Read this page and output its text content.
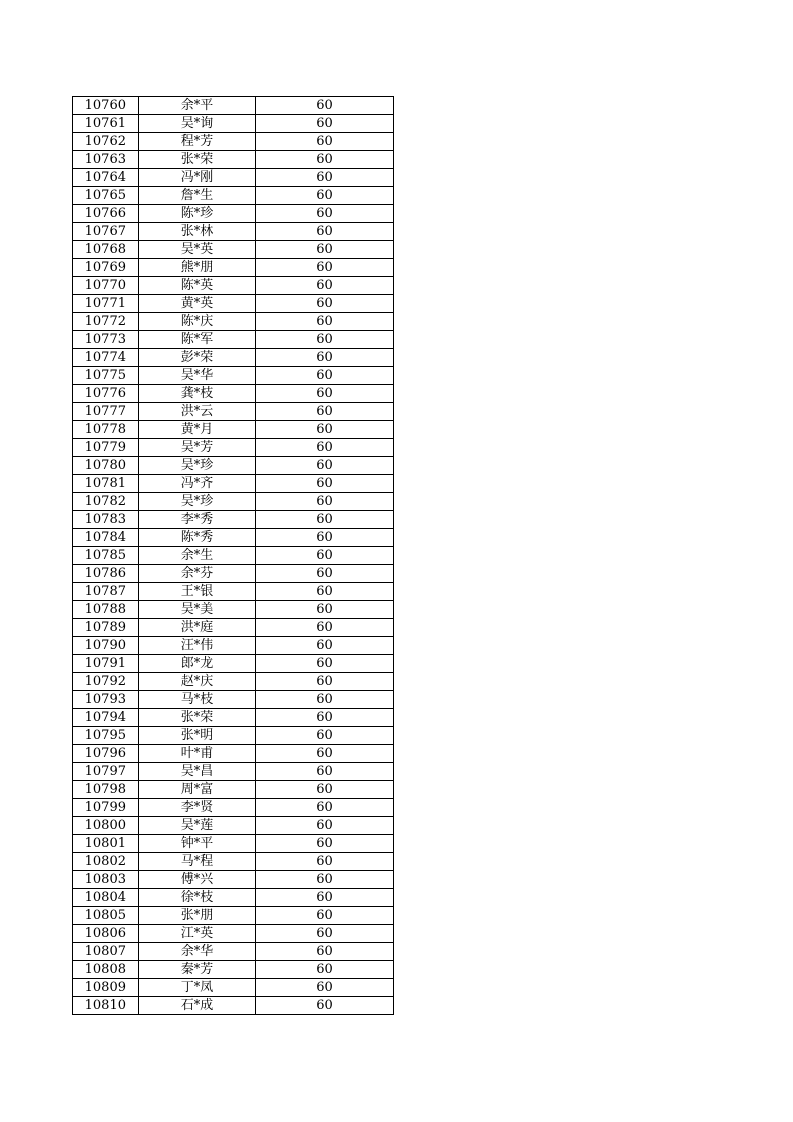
10760	余*平	60
10761	吴*询	60
10762	程*芳	60
10763	张*荣	60
10764	冯*刚	60
10765	詹*生	60
10766	陈*珍	60
10767	张*林	60
10768	吴*英	60
10769	熊*朋	60
10770	陈*英	60
10771	黄*英	60
10772	陈*庆	60
10773	陈*军	60
10774	彭*荣	60
10775	吴*华	60
10776	龚*枝	60
10777	洪*云	60
10778	黄*月	60
10779	吴*芳	60
10780	吴*珍	60
10781	冯*齐	60
10782	吴*珍	60
10783	李*秀	60
10784	陈*秀	60
10785	余*生	60
10786	余*芬	60
10787	王*银	60
10788	吴*美	60
10789	洪*庭	60
10790	汪*伟	60
10791	郎*龙	60
10792	赵*庆	60
10793	马*枝	60
10794	张*荣	60
10795	张*明	60
10796	叶*甫	60
10797	吴*昌	60
10798	周*富	60
10799	李*贤	60
10800	吴*莲	60
10801	钟*平	60
10802	马*程	60
10803	傅*兴	60
10804	徐*枝	60
10805	张*朋	60
10806	江*英	60
10807	余*华	60
10808	秦*芳	60
10809	丁*凤	60
10810	石*成	60
